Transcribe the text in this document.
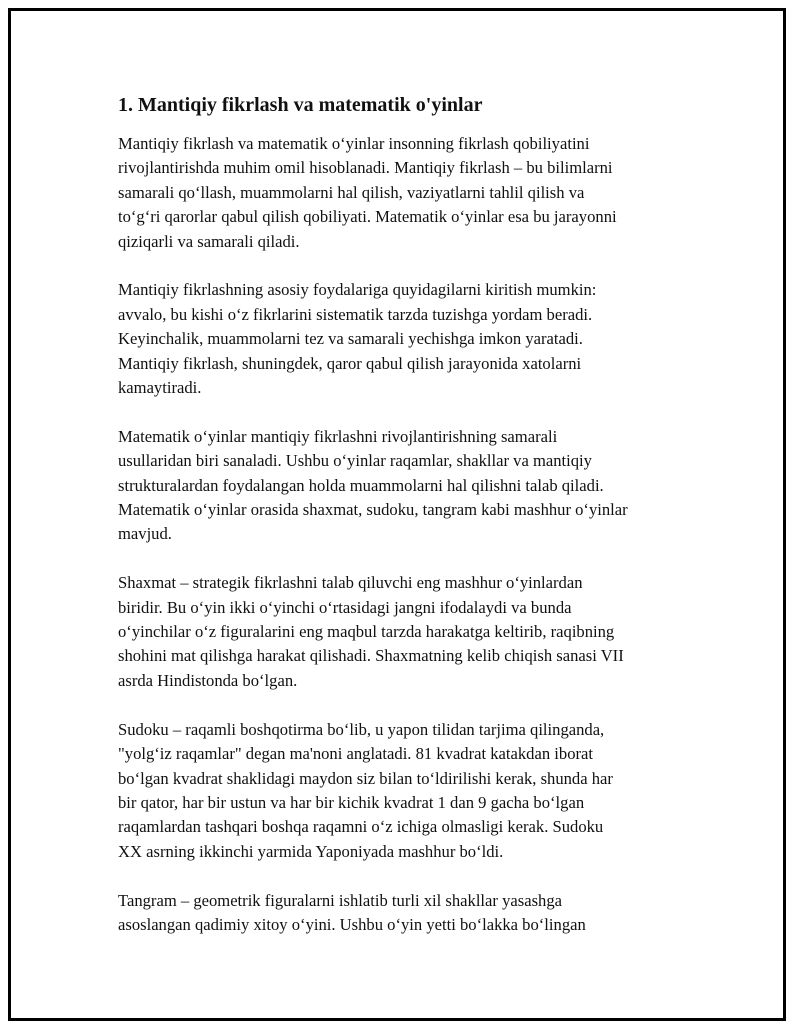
1. Mantiqiy fikrlash va matematik o'yinlar

Mantiqiy fikrlash va matematik o‘yinlar insonning fikrlash qobiliyatini
rivojlantirishda muhim omil hisoblanadi. Mantiqiy fikrlash – bu bilimlarni
samarali qo‘llash, muammolarni hal qilish, vaziyatlarni tahlil qilish va
to‘g‘ri qarorlar qabul qilish qobiliyati. Matematik o‘yinlar esa bu jarayonni
qiziqarli va samarali qiladi.

Mantiqiy fikrlashning asosiy foydalariga quyidagilarni kiritish mumkin:
avvalo, bu kishi o‘z fikrlarini sistematik tarzda tuzishga yordam beradi.
Keyinchalik, muammolarni tez va samarali yechishga imkon yaratadi.
Mantiqiy fikrlash, shuningdek, qaror qabul qilish jarayonida xatolarni
kamaytiradi.

Matematik o‘yinlar mantiqiy fikrlashni rivojlantirishning samarali
usullaridan biri sanaladi. Ushbu o‘yinlar raqamlar, shakllar va mantiqiy
strukturalardan foydalangan holda muammolarni hal qilishni talab qiladi.
Matematik o‘yinlar orasida shaxmat, sudoku, tangram kabi mashhur o‘yinlar
mavjud.

Shaxmat – strategik fikrlashni talab qiluvchi eng mashhur o‘yinlardan
biridir. Bu o‘yin ikki o‘yinchi o‘rtasidagi jangni ifodalaydi va bunda
o‘yinchilar o‘z figuralarini eng maqbul tarzda harakatga keltirib, raqibning
shohini mat qilishga harakat qilishadi. Shaxmatning kelib chiqish sanasi VII
asrda Hindistonda bo‘lgan.

Sudoku – raqamli boshqotirma bo‘lib, u yapon tilidan tarjima qilinganda,
"yolg‘iz raqamlar" degan ma'noni anglatadi. 81 kvadrat katakdan iborat
bo‘lgan kvadrat shaklidagi maydon siz bilan to‘ldirilishi kerak, shunda har
bir qator, har bir ustun va har bir kichik kvadrat 1 dan 9 gacha bo‘lgan
raqamlardan tashqari boshqa raqamni o‘z ichiga olmasligi kerak. Sudoku
XX asrning ikkinchi yarmida Yaponiyada mashhur bo‘ldi.

Tangram – geometrik figuralarni ishlatib turli xil shakllar yasashga
asoslangan qadimiy xitoy o‘yini. Ushbu o‘yin yetti bo‘lakka bo‘lingan
